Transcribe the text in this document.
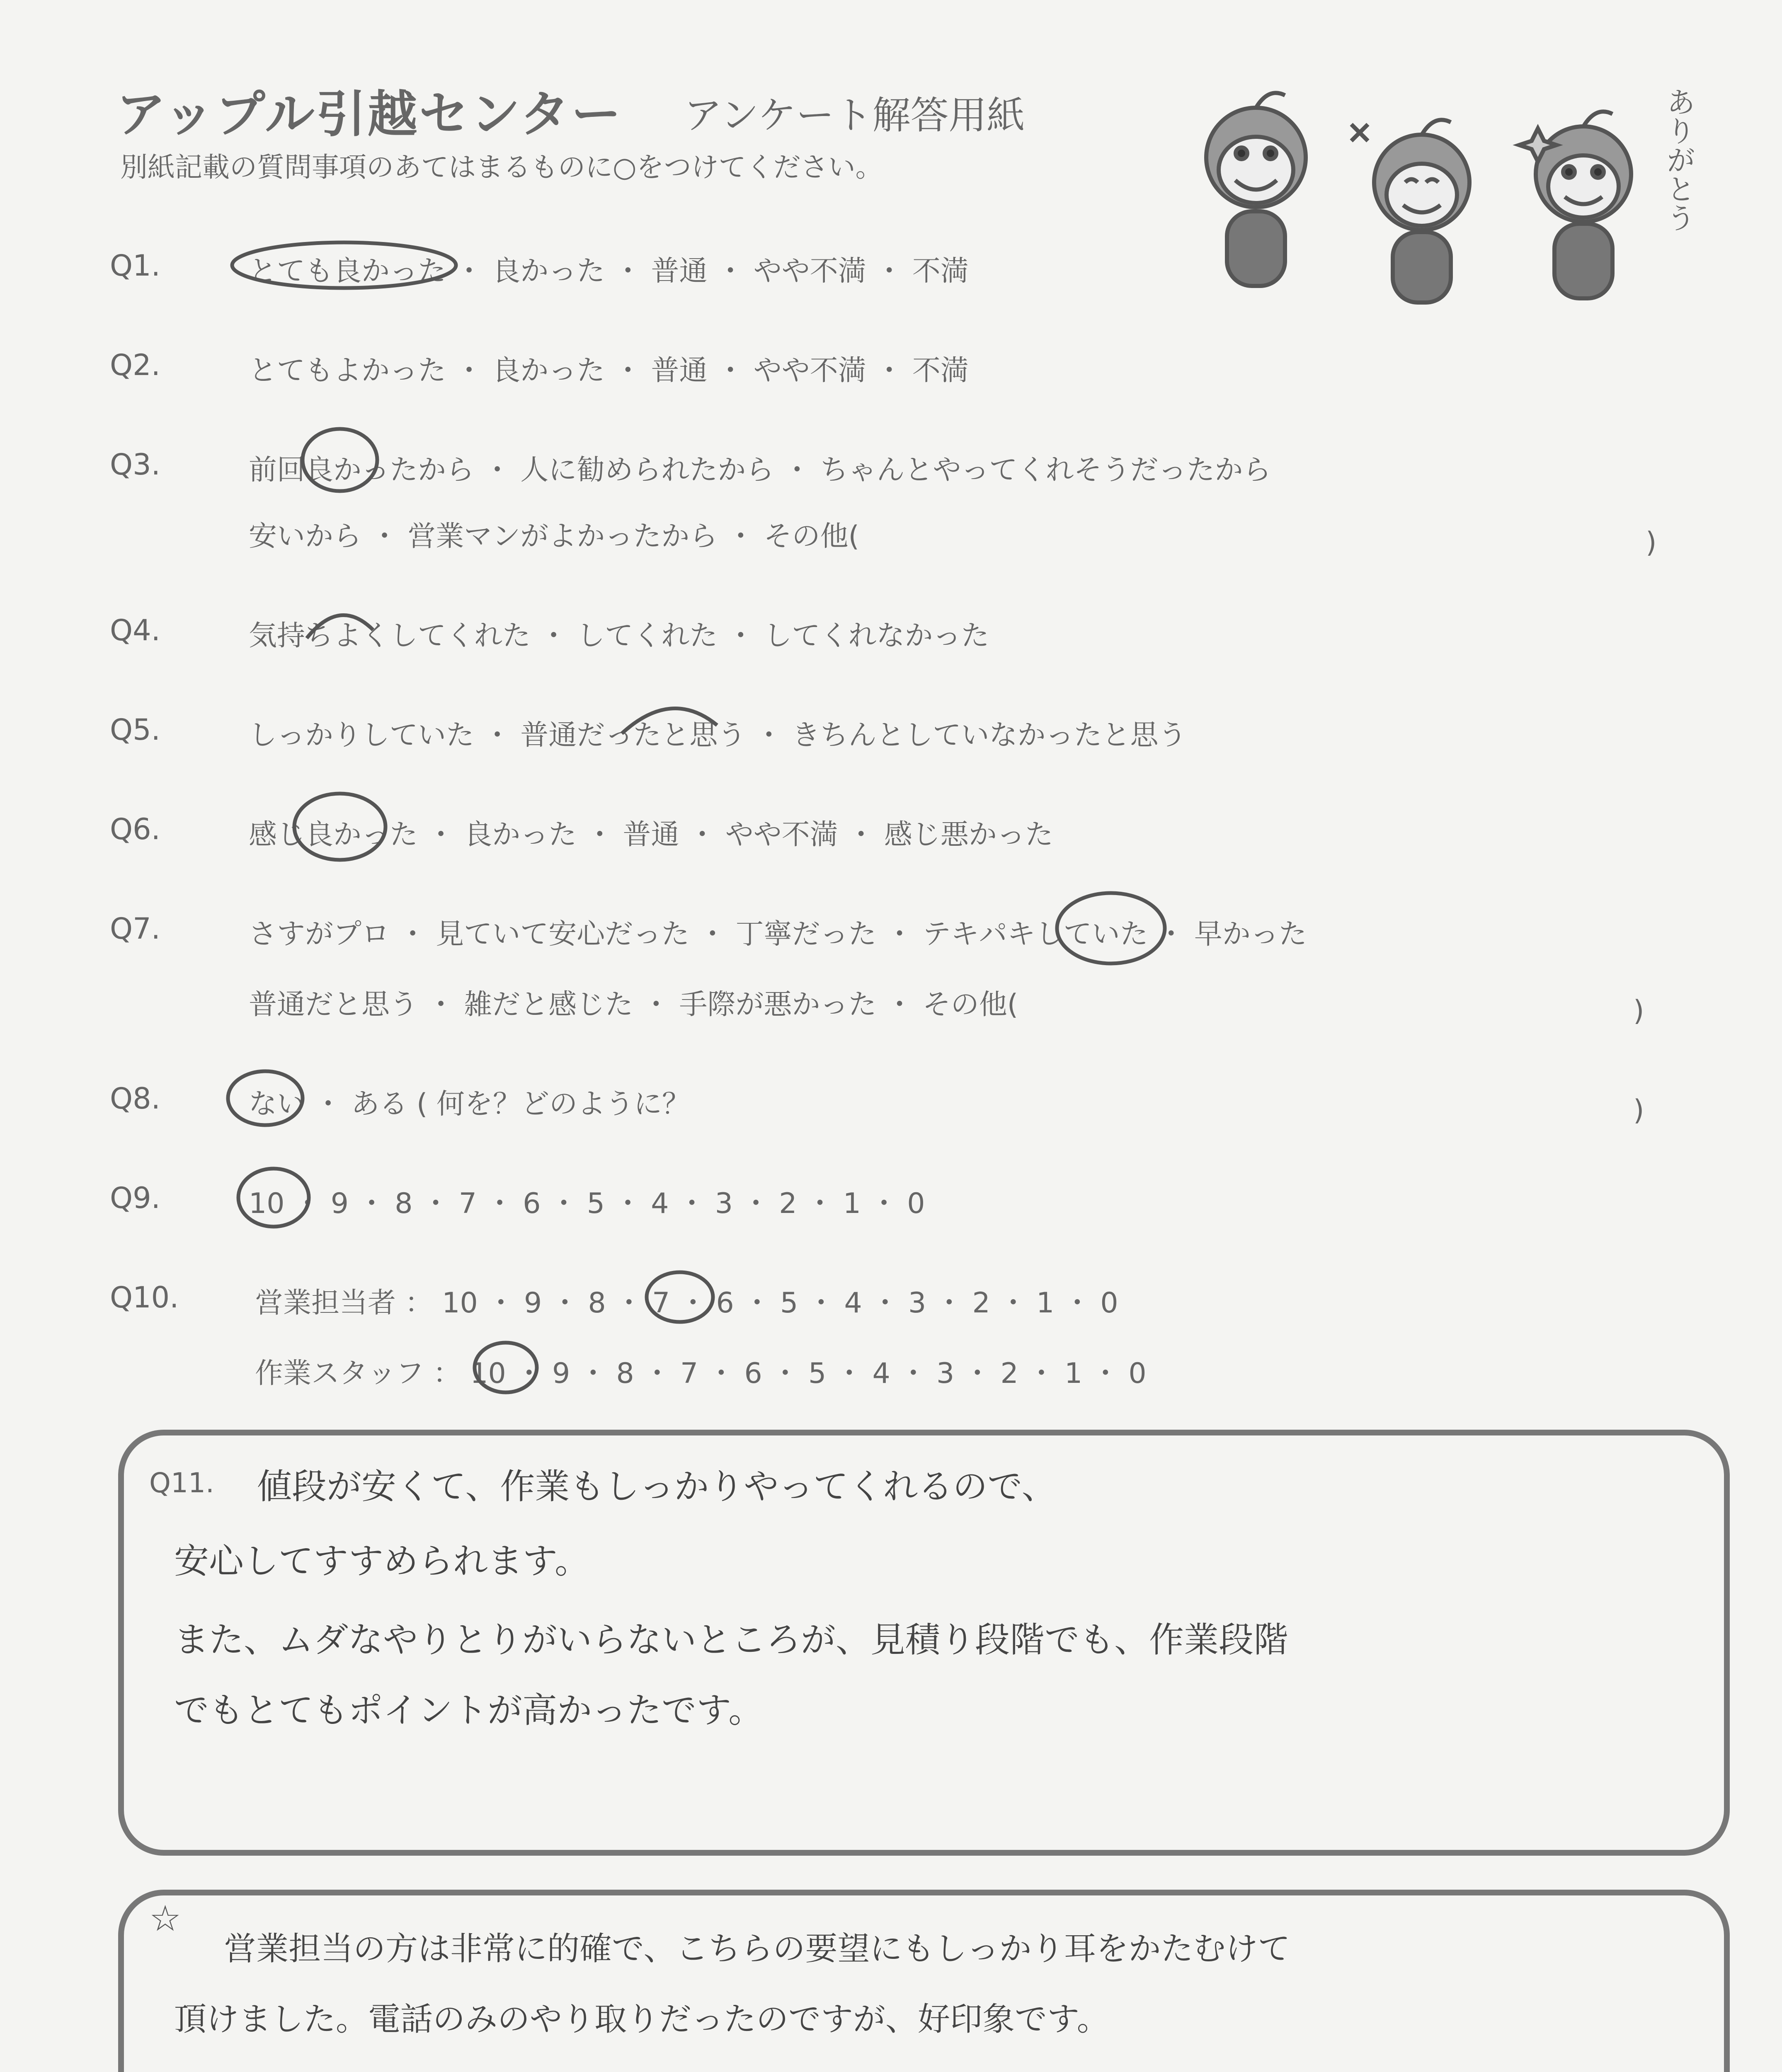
アップル引越センター アンケート解答用紙
別紙記載の質問事項のあてはまるものに○をつけてください。	ありがとう
Q1.	とても良かった ・ 良かった ・ 普通 ・ やや不満 ・ 不満
Q2.	とてもよかった ・ 良かった ・ 普通 ・ やや不満 ・ 不満
Q3.	前回良かったから ・ 人に勧められたから ・ ちゃんとやってくれそうだったから
安いから ・ 営業マンがよかったから ・ その他(	)
Q4.	気持ちよくしてくれた ・ してくれた ・ してくれなかった
Q5.	しっかりしていた ・ 普通だったと思う ・ きちんとしていなかったと思う
Q6.	感じ良かった ・ 良かった ・ 普通 ・ やや不満 ・ 感じ悪かった
Q7.	さすがプロ ・ 見ていて安心だった ・ 丁寧だった ・ テキパキしていた ・ 早かった
普通だと思う ・ 雑だと感じた ・ 手際が悪かった ・ その他(	)
Q8.	ない ・ ある ( 何を？どのように？	)
Q9.	10 ・ 9 ・ 8 ・ 7 ・ 6 ・ 5 ・ 4 ・ 3 ・ 2 ・ 1 ・ 0
Q10.	営業担当者 ： 10 ・ 9 ・ 8 ・ 7 ・ 6 ・ 5 ・ 4 ・ 3 ・ 2 ・ 1 ・ 0
作業スタッフ ： 10 ・ 9 ・ 8 ・ 7 ・ 6 ・ 5 ・ 4 ・ 3 ・ 2 ・ 1 ・ 0
Q11. 値段が安くて、作業もしっかりやってくれるので、
安心してすすめられます。
また、ムダなやりとりがいらないところが、見積り段階でも、作業段階
でもとてもポイントが高かったです。
☆
営業担当の方は非常に的確で、こちらの要望にもしっかり耳をかたむけて
頂けました。電話のみのやり取りだったのですが、好印象です。
